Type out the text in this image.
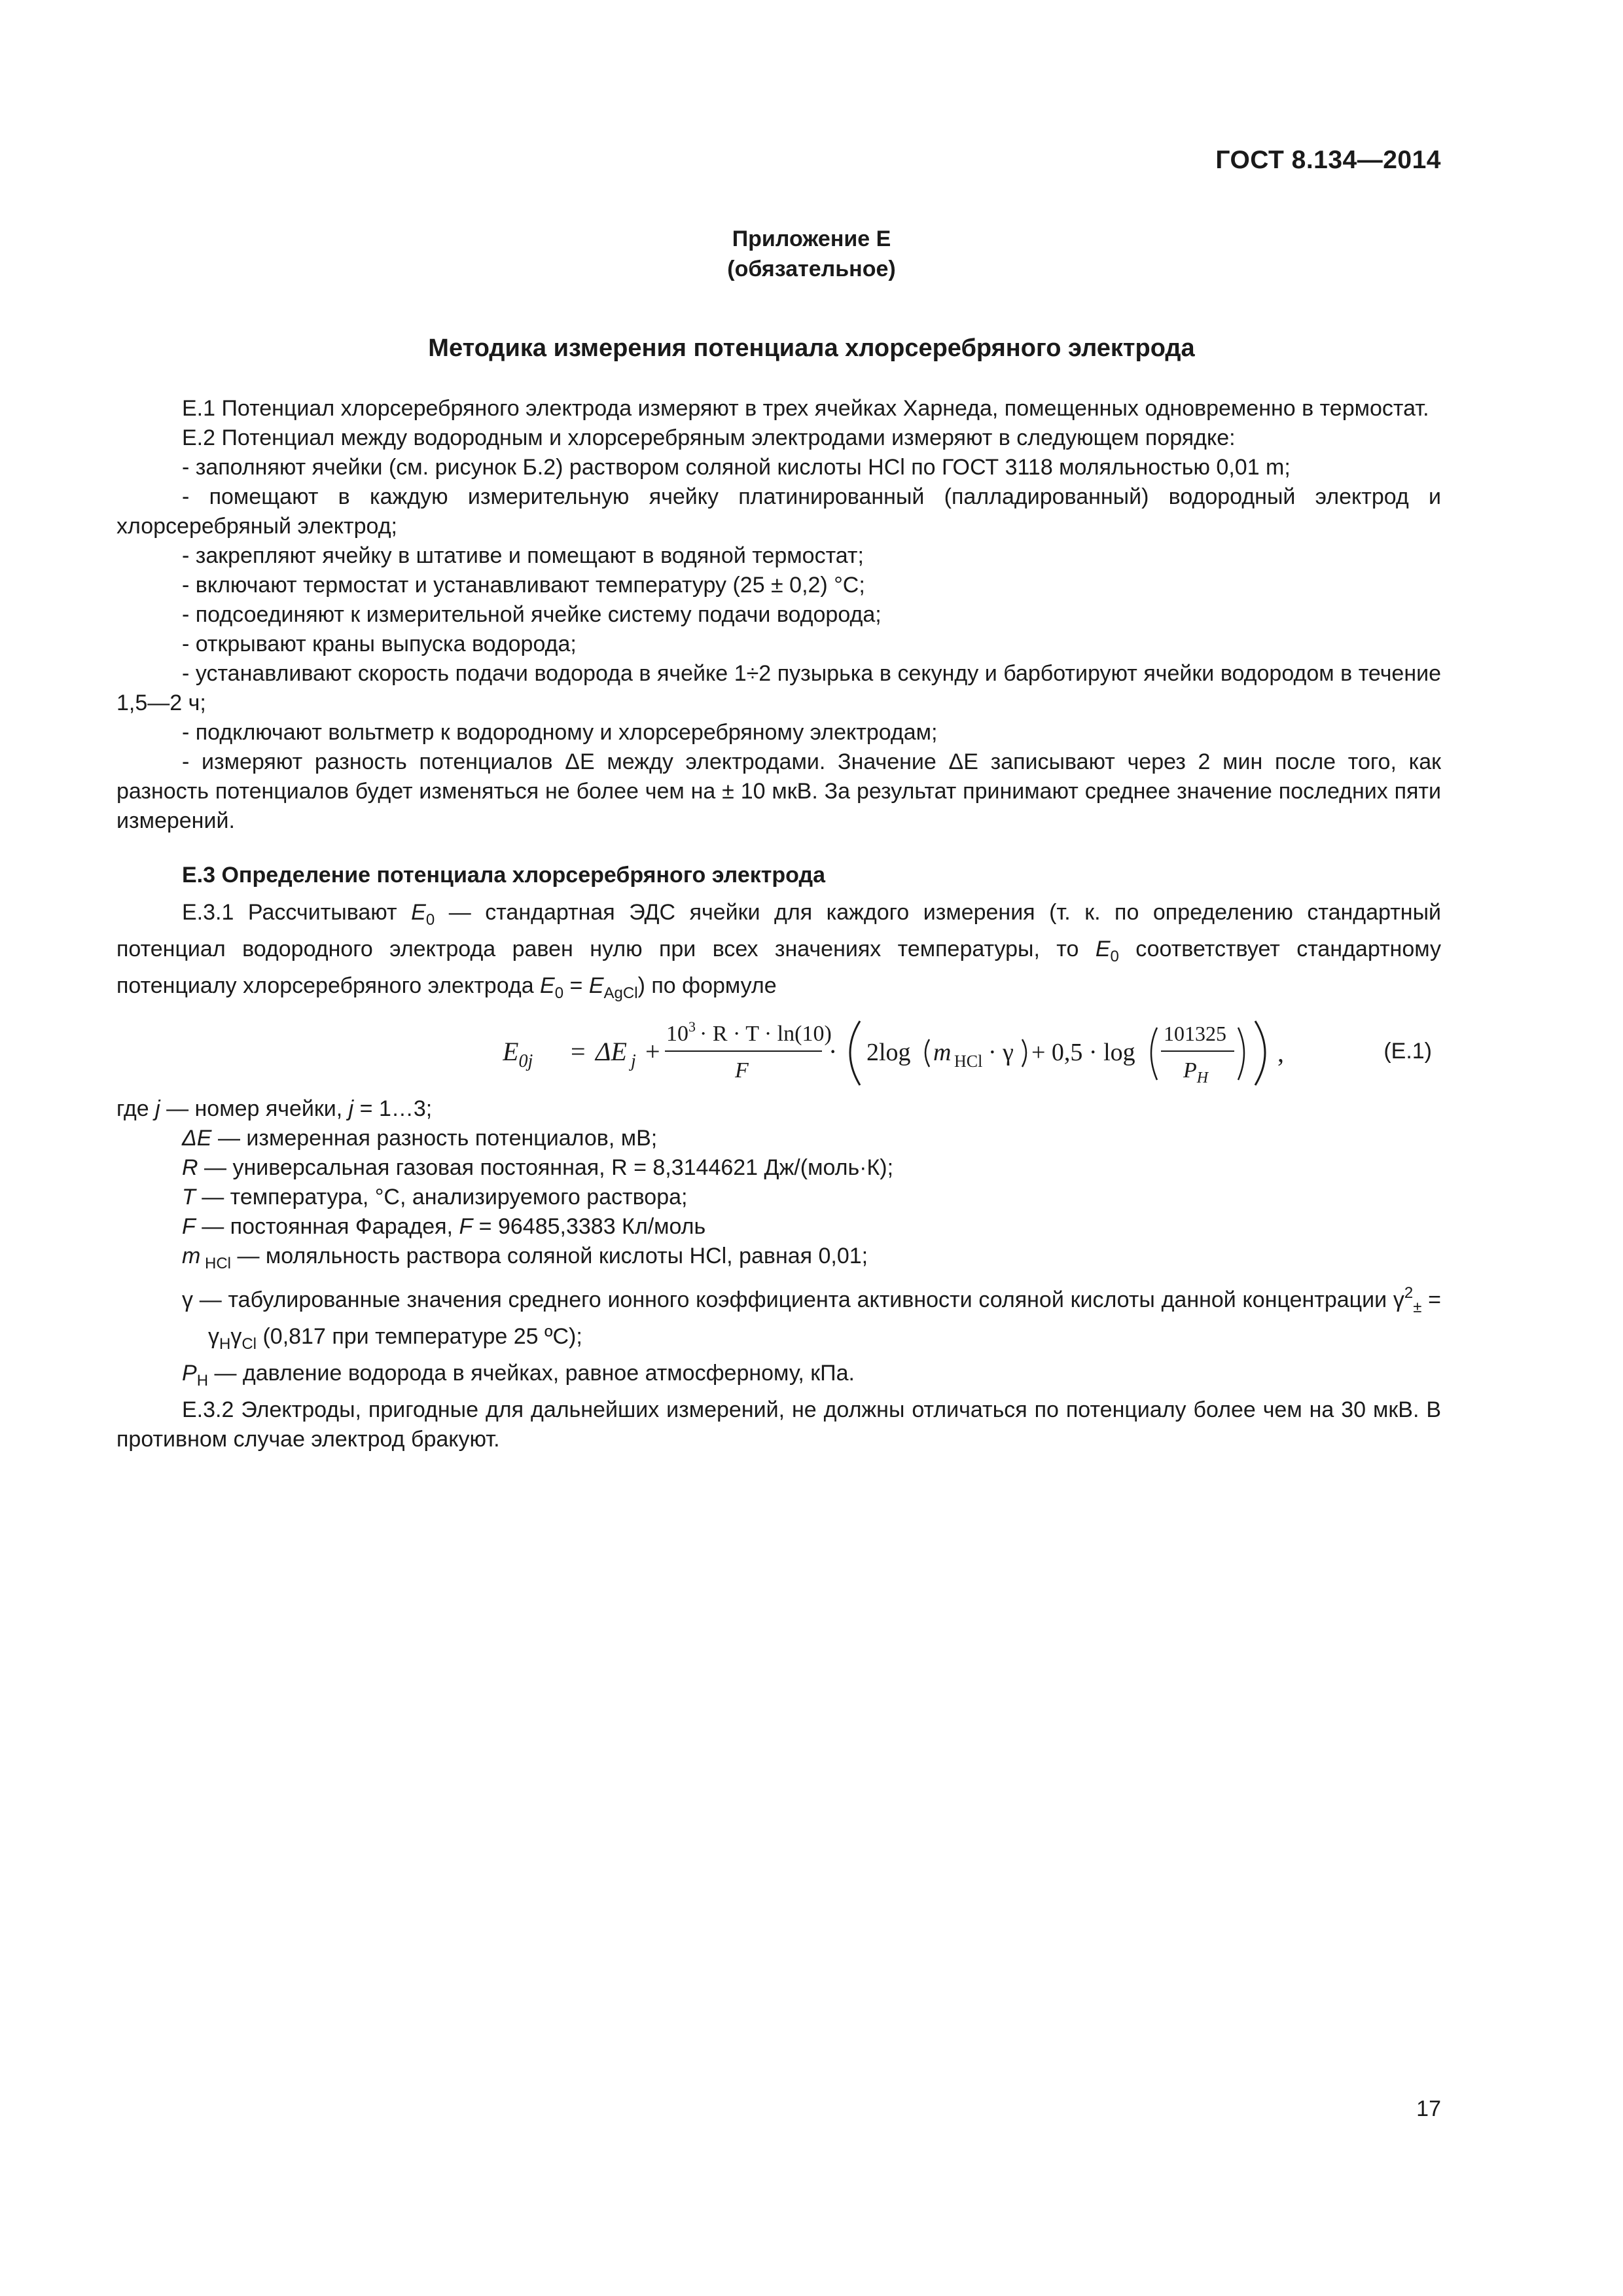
ГОСТ 8.134—2014
Приложение Е
(обязательное)
Методика измерения потенциала хлорсеребряного электрода

Е.1 Потенциал хлорсеребряного электрода измеряют в трех ячейках Харнеда, помещенных одновременно в термостат.

Е.2 Потенциал между водородным и хлорсеребряным электродами измеряют в следующем порядке:

- заполняют ячейки (см. рисунок Б.2) раствором соляной кислоты HCl по ГОСТ 3118 моляльностью 0,01 m;

- помещают в каждую измерительную ячейку платинированный (палладированный) водородный электрод и хлорсеребряный электрод;

- закрепляют ячейку в штативе и помещают в водяной термостат;

- включают термостат и устанавливают температуру (25 ± 0,2) °С;

- подсоединяют к измерительной ячейке систему подачи водорода;

- открывают краны выпуска водорода;

- устанавливают скорость подачи водорода в ячейке 1÷2 пузырька в секунду и барботируют ячейки водородом в течение 1,5—2 ч;

- подключают вольтметр к водородному и хлорсеребряному электродам;

- измеряют разность потенциалов ΔE между электродами. Значение ΔE записывают через 2 мин после того, как разность потенциалов будет изменяться не более чем на ± 10 мкВ. За результат принимают среднее значение последних пяти измерений.

Е.3 Определение потенциала хлорсеребряного электрода

Е.3.1 Рассчитывают $E_0$ — стандартная ЭДС ячейки для каждого измерения (т. к. по определению стандартный потенциал водородного электрода равен нулю при всех значениях температуры, то $E_0$ соответствует стандартному потенциалу хлорсеребряного электрода $E_0 = E_{AgCl}$) по формуле

$E_{0j} = \Delta E$ j +
$10^3 \cdot R \cdot T \cdot \ln(10)$
F
· 2log m HCl · γ + 0,5 · log
101325
$P_H$
,	(Е.1)

где j — номер ячейки, j = 1…3;

ΔE — измеренная разность потенциалов, мВ;

R — универсальная газовая постоянная, R = 8,3144621 Дж/(моль·К);

T — температура, °С, анализируемого раствора;

F — постоянная Фарадея, F = 96485,3383 Кл/моль

m $_{HCl}$ — моляльность раствора соляной кислоты HCl, равная 0,01;

γ — табулированные значения среднего ионного коэффициента активности соляной кислоты данной концентрации $\gamma^2_\pm = \gamma_H\gamma_{Cl}$ (0,817 при температуре 25 ºС);

$P_H$ — давление водорода в ячейках, равное атмосферному, кПа.

Е.3.2 Электроды, пригодные для дальнейших измерений, не должны отличаться по потенциалу более чем на 30 мкВ. В противном случае электрод бракуют.

17
